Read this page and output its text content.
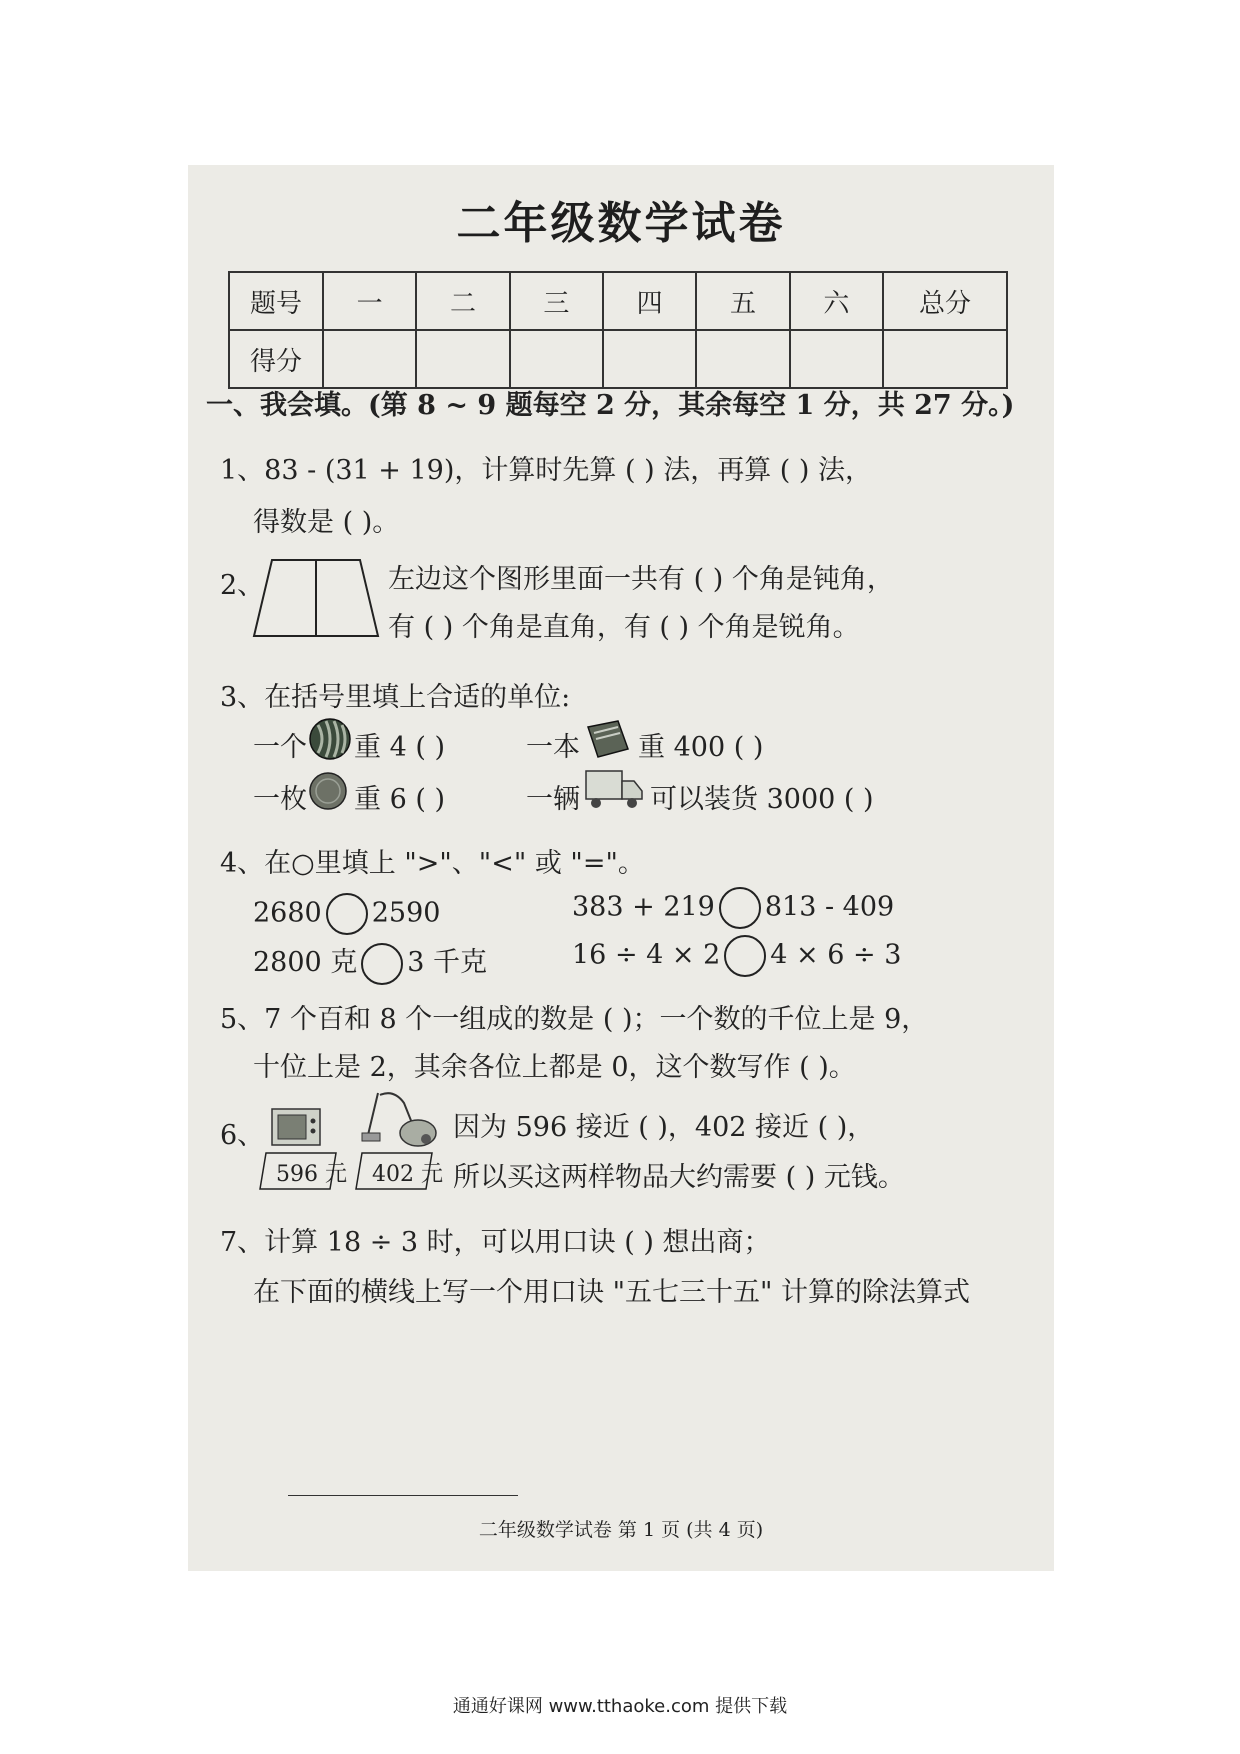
二年级数学试卷
题号	一	二	三	四	五	六	总分
得分							
一、我会填。(第 8 ~ 9 题每空 2 分，其余每空 1 分，共 27 分。)
1、83 - (31 + 19)，计算时先算 ( ) 法，再算 ( ) 法，
得数是 ( )。
2、	左边这个图形里面一共有 ( ) 个角是钝角，
有 ( ) 个角是直角，有 ( ) 个角是锐角。
3、在括号里填上合适的单位:
一个 重 4 ( )	一本 重 400 ( )
一枚 重 6 ( )	一辆	可以装货 3000 ( )
4、在○里填上 ">"、"<" 或 "="。
2680 2590	383 + 219 813 - 409
2800 克 3 千克	16 ÷ 4 × 2 4 × 6 ÷ 3
5、7 个百和 8 个一组成的数是 ( )；一个数的千位上是 9，
十位上是 2，其余各位上都是 0，这个数写作 ( )。
6、
596 元 402 元
因为 596 接近 ( )，402 接近 ( )，
所以买这两样物品大约需要 ( ) 元钱。
7、计算 18 ÷ 3 时，可以用口诀 ( ) 想出商；
在下面的横线上写一个用口诀 "五七三十五" 计算的除法算式
二年级数学试卷 第 1 页 (共 4 页)
通通好课网 www.tthaoke.com 提供下载
